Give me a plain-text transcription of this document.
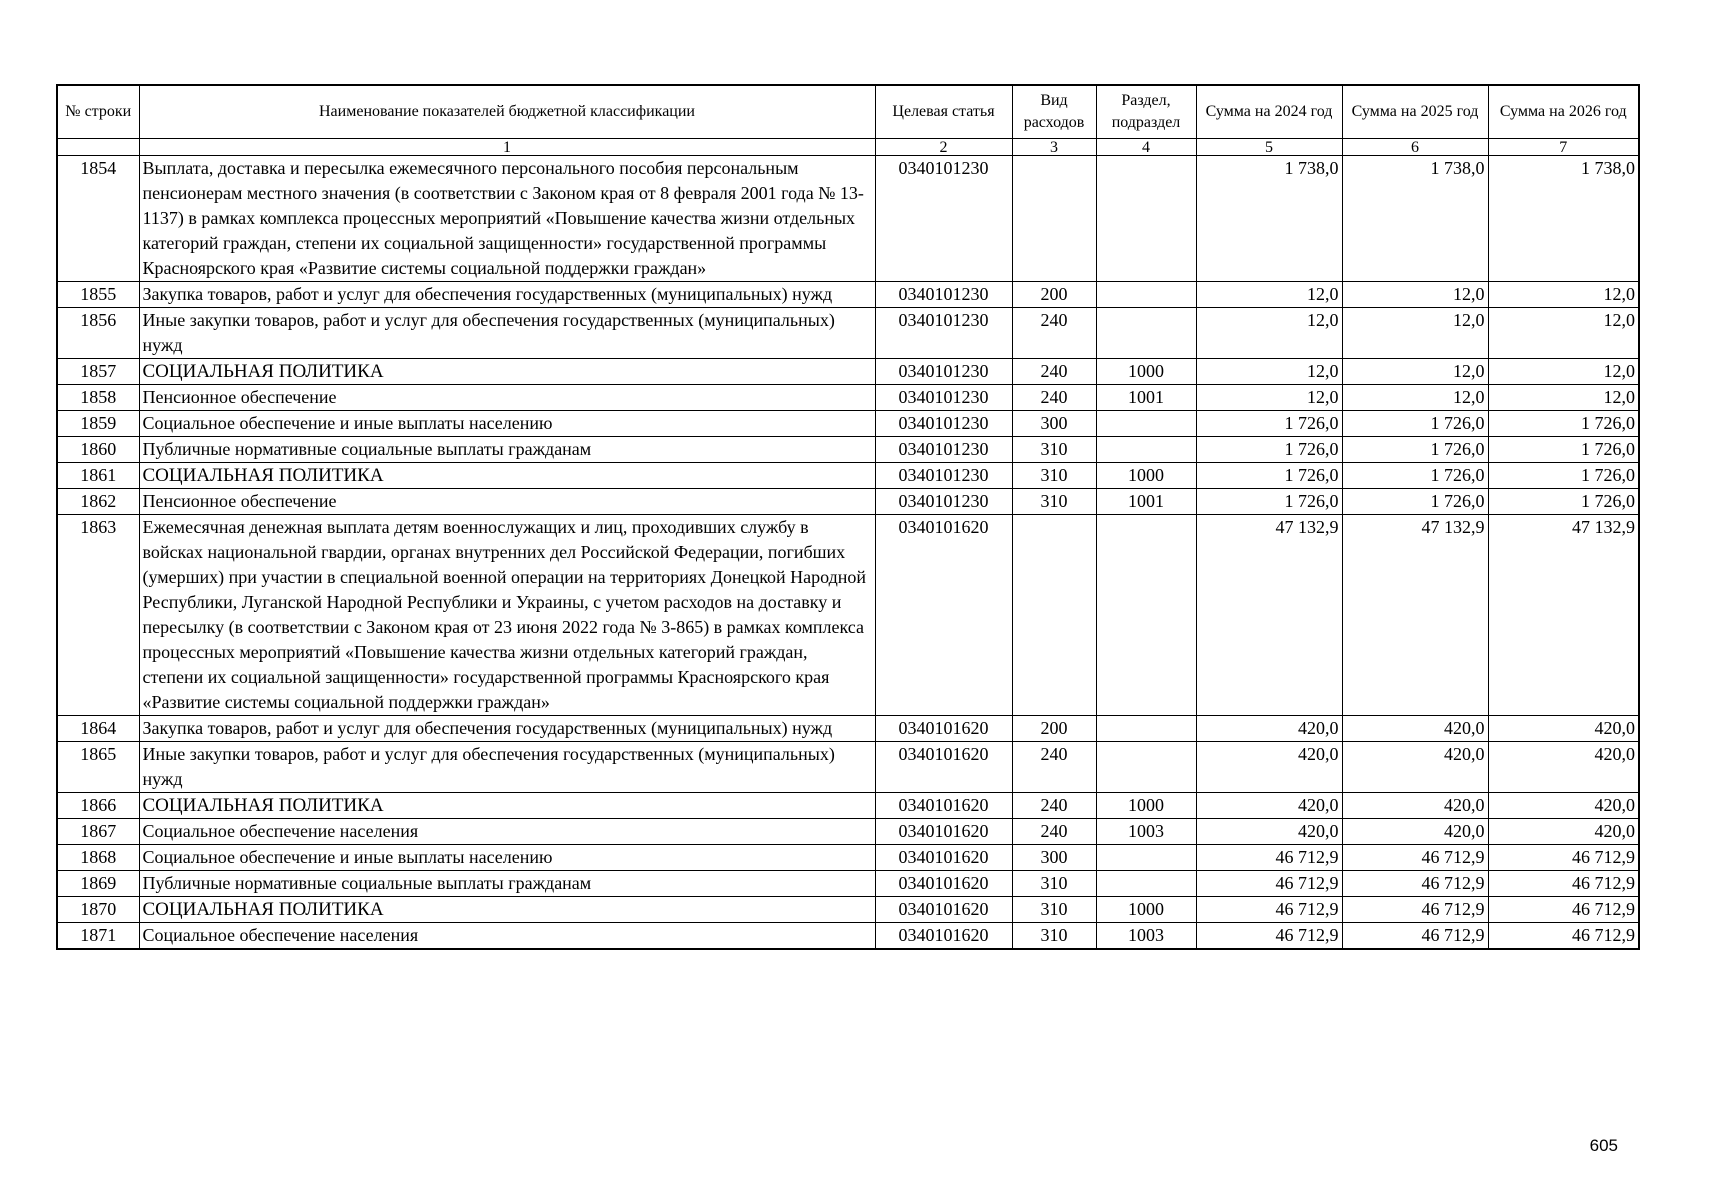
№ строки	Наименование показателей бюджетной классификации	Целевая статья	Вид расходов	Раздел, подраздел	Сумма на 2024 год	Сумма на 2025 год	Сумма на 2026 год
	1	2	3	4	5	6	7
1854	Выплата, доставка и пересылка ежемесячного персонального пособия персональным пенсионерам местного значения (в соответствии с Законом края от 8 февраля 2001 года № 13-1137) в рамках комплекса процессных мероприятий «Повышение качества жизни отдельных категорий граждан, степени их социальной защищенности» государственной программы Красноярского края «Развитие системы социальной поддержки граждан»	0340101230			1 738,0	1 738,0	1 738,0
1855	Закупка товаров, работ и услуг для обеспечения государственных (муниципальных) нужд	0340101230	200		12,0	12,0	12,0
1856	Иные закупки товаров, работ и услуг для обеспечения государственных (муниципальных) нужд	0340101230	240		12,0	12,0	12,0
1857	СОЦИАЛЬНАЯ ПОЛИТИКА	0340101230	240	1000	12,0	12,0	12,0
1858	Пенсионное обеспечение	0340101230	240	1001	12,0	12,0	12,0
1859	Социальное обеспечение и иные выплаты населению	0340101230	300		1 726,0	1 726,0	1 726,0
1860	Публичные нормативные социальные выплаты гражданам	0340101230	310		1 726,0	1 726,0	1 726,0
1861	СОЦИАЛЬНАЯ ПОЛИТИКА	0340101230	310	1000	1 726,0	1 726,0	1 726,0
1862	Пенсионное обеспечение	0340101230	310	1001	1 726,0	1 726,0	1 726,0
1863	Ежемесячная денежная выплата детям военнослужащих и лиц, проходивших службу в войсках национальной гвардии, органах внутренних дел Российской Федерации, погибших (умерших) при участии в специальной военной операции на территориях Донецкой Народной Республики, Луганской Народной Республики и Украины, с учетом расходов на доставку и пересылку (в соответствии с Законом края от 23 июня 2022 года № 3-865) в рамках комплекса процессных мероприятий «Повышение качества жизни отдельных категорий граждан, степени их социальной защищенности» государственной программы Красноярского края «Развитие системы социальной поддержки граждан»	0340101620			47 132,9	47 132,9	47 132,9
1864	Закупка товаров, работ и услуг для обеспечения государственных (муниципальных) нужд	0340101620	200		420,0	420,0	420,0
1865	Иные закупки товаров, работ и услуг для обеспечения государственных (муниципальных) нужд	0340101620	240		420,0	420,0	420,0
1866	СОЦИАЛЬНАЯ ПОЛИТИКА	0340101620	240	1000	420,0	420,0	420,0
1867	Социальное обеспечение населения	0340101620	240	1003	420,0	420,0	420,0
1868	Социальное обеспечение и иные выплаты населению	0340101620	300		46 712,9	46 712,9	46 712,9
1869	Публичные нормативные социальные выплаты гражданам	0340101620	310		46 712,9	46 712,9	46 712,9
1870	СОЦИАЛЬНАЯ ПОЛИТИКА	0340101620	310	1000	46 712,9	46 712,9	46 712,9
1871	Социальное обеспечение населения	0340101620	310	1003	46 712,9	46 712,9	46 712,9
605
